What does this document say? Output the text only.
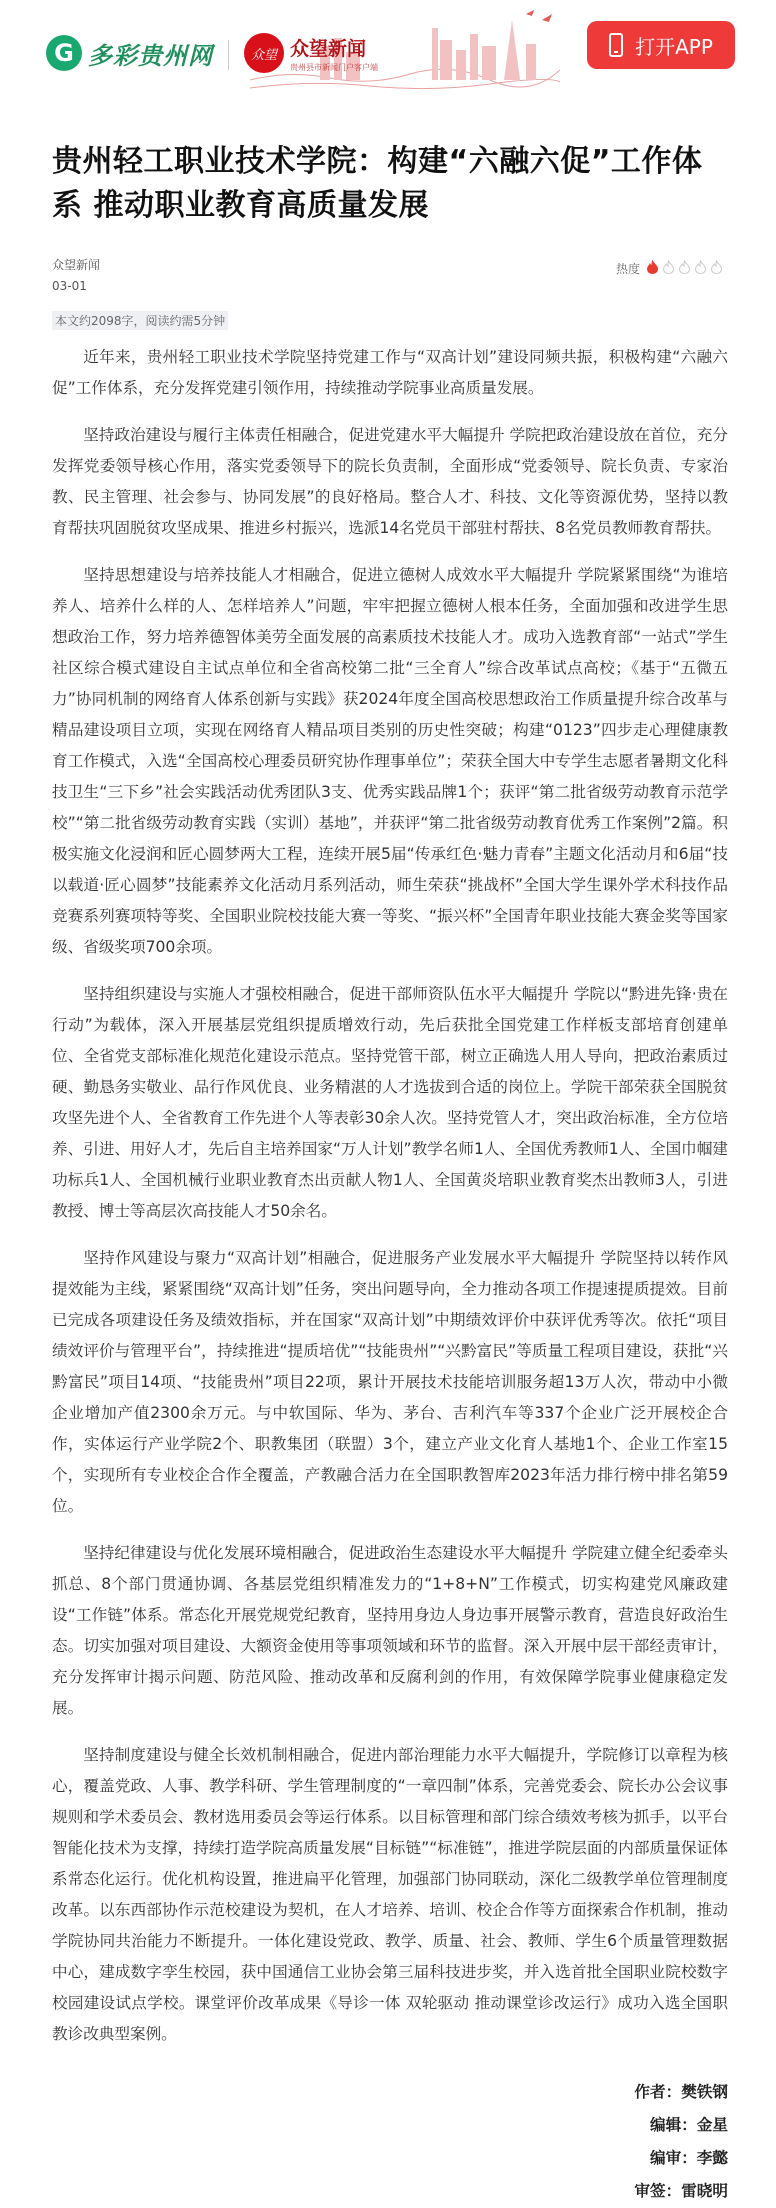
G 多彩贵州网	众望 众望新闻
贵州县市新闻门户客户端
打开APP
贵州轻工职业技术学院：构建“六融六促”工作体系 推动职业教育高质量发展
众望新闻
03-01
热度
本文约2098字，阅读约需5分钟

近年来，贵州轻工职业技术学院坚持党建工作与“双高计划”建设同频共振，积极构建“六融六促”工作体系，充分发挥党建引领作用，持续推动学院事业高质量发展。

坚持政治建设与履行主体责任相融合，促进党建水平大幅提升 学院把政治建设放在首位，充分发挥党委领导核心作用，落实党委领导下的院长负责制，全面形成“党委领导、院长负责、专家治教、民主管理、社会参与、协同发展”的良好格局。整合人才、科技、文化等资源优势，坚持以教育帮扶巩固脱贫攻坚成果、推进乡村振兴，选派14名党员干部驻村帮扶、8名党员教师教育帮扶。

坚持思想建设与培养技能人才相融合，促进立德树人成效水平大幅提升 学院紧紧围绕“为谁培养人、培养什么样的人、怎样培养人”问题，牢牢把握立德树人根本任务，全面加强和改进学生思想政治工作，努力培养德智体美劳全面发展的高素质技术技能人才。成功入选教育部“一站式”学生社区综合模式建设自主试点单位和全省高校第二批“三全育人”综合改革试点高校；《基于“五微五力”协同机制的网络育人体系创新与实践》获2024年度全国高校思想政治工作质量提升综合改革与精品建设项目立项，实现在网络育人精品项目类别的历史性突破；构建“0123”四步走心理健康教育工作模式，入选“全国高校心理委员研究协作理事单位”；荣获全国大中专学生志愿者暑期文化科技卫生“三下乡”社会实践活动优秀团队3支、优秀实践品牌1个；获评“第二批省级劳动教育示范学校”“第二批省级劳动教育实践（实训）基地”，并获评“第二批省级劳动教育优秀工作案例”2篇。积极实施文化浸润和匠心圆梦两大工程，连续开展5届“传承红色·魅力青春”主题文化活动月和6届“技以载道·匠心圆梦”技能素养文化活动月系列活动，师生荣获“挑战杯”全国大学生课外学术科技作品竞赛系列赛项特等奖、全国职业院校技能大赛一等奖、“振兴杯”全国青年职业技能大赛金奖等国家级、省级奖项700余项。

坚持组织建设与实施人才强校相融合，促进干部师资队伍水平大幅提升 学院以“黔进先锋·贵在行动”为载体，深入开展基层党组织提质增效行动，先后获批全国党建工作样板支部培育创建单位、全省党支部标准化规范化建设示范点。坚持党管干部，树立正确选人用人导向，把政治素质过硬、勤恳务实敬业、品行作风优良、业务精湛的人才选拔到合适的岗位上。学院干部荣获全国脱贫攻坚先进个人、全省教育工作先进个人等表彰30余人次。坚持党管人才，突出政治标准，全方位培养、引进、用好人才，先后自主培养国家“万人计划”教学名师1人、全国优秀教师1人、全国巾帼建功标兵1人、全国机械行业职业教育杰出贡献人物1人、全国黄炎培职业教育奖杰出教师3人，引进教授、博士等高层次高技能人才50余名。

坚持作风建设与聚力“双高计划”相融合，促进服务产业发展水平大幅提升 学院坚持以转作风提效能为主线，紧紧围绕“双高计划”任务，突出问题导向，全力推动各项工作提速提质提效。目前已完成各项建设任务及绩效指标，并在国家“双高计划”中期绩效评价中获评优秀等次。依托“项目绩效评价与管理平台”，持续推进“提质培优”“技能贵州”“兴黔富民”等质量工程项目建设，获批“兴黔富民”项目14项、“技能贵州”项目22项，累计开展技术技能培训服务超13万人次，带动中小微企业增加产值2300余万元。与中软国际、华为、茅台、吉利汽车等337个企业广泛开展校企合作，实体运行产业学院2个、职教集团（联盟）3个，建立产业文化育人基地1个、企业工作室15个，实现所有专业校企合作全覆盖，产教融合活力在全国职教智库2023年活力排行榜中排名第59位。

坚持纪律建设与优化发展环境相融合，促进政治生态建设水平大幅提升 学院建立健全纪委牵头抓总、8个部门贯通协调、各基层党组织精准发力的“1+8+N”工作模式，切实构建党风廉政建设“工作链”体系。常态化开展党规党纪教育，坚持用身边人身边事开展警示教育，营造良好政治生态。切实加强对项目建设、大额资金使用等事项领域和环节的监督。深入开展中层干部经责审计，充分发挥审计揭示问题、防范风险、推动改革和反腐利剑的作用，有效保障学院事业健康稳定发展。

坚持制度建设与健全长效机制相融合，促进内部治理能力水平大幅提升，学院修订以章程为核心，覆盖党政、人事、教学科研、学生管理制度的“一章四制”体系，完善党委会、院长办公会议事规则和学术委员会、教材选用委员会等运行体系。以目标管理和部门综合绩效考核为抓手，以平台智能化技术为支撑，持续打造学院高质量发展“目标链”“标准链”，推进学院层面的内部质量保证体系常态化运行。优化机构设置，推进扁平化管理，加强部门协同联动，深化二级教学单位管理制度改革。以东西部协作示范校建设为契机，在人才培养、培训、校企合作等方面探索合作机制，推动学院协同共治能力不断提升。一体化建设党政、教学、质量、社会、教师、学生6个质量管理数据中心，建成数字孪生校园，获中国通信工业协会第三届科技进步奖，并入选首批全国职业院校数字校园建设试点学校。课堂评价改革成果《导诊一体 双轮驱动 推动课堂诊改运行》成功入选全国职教诊改典型案例。

作者：樊铁钢
编辑：金星
编审：李懿
审签：雷晓明
